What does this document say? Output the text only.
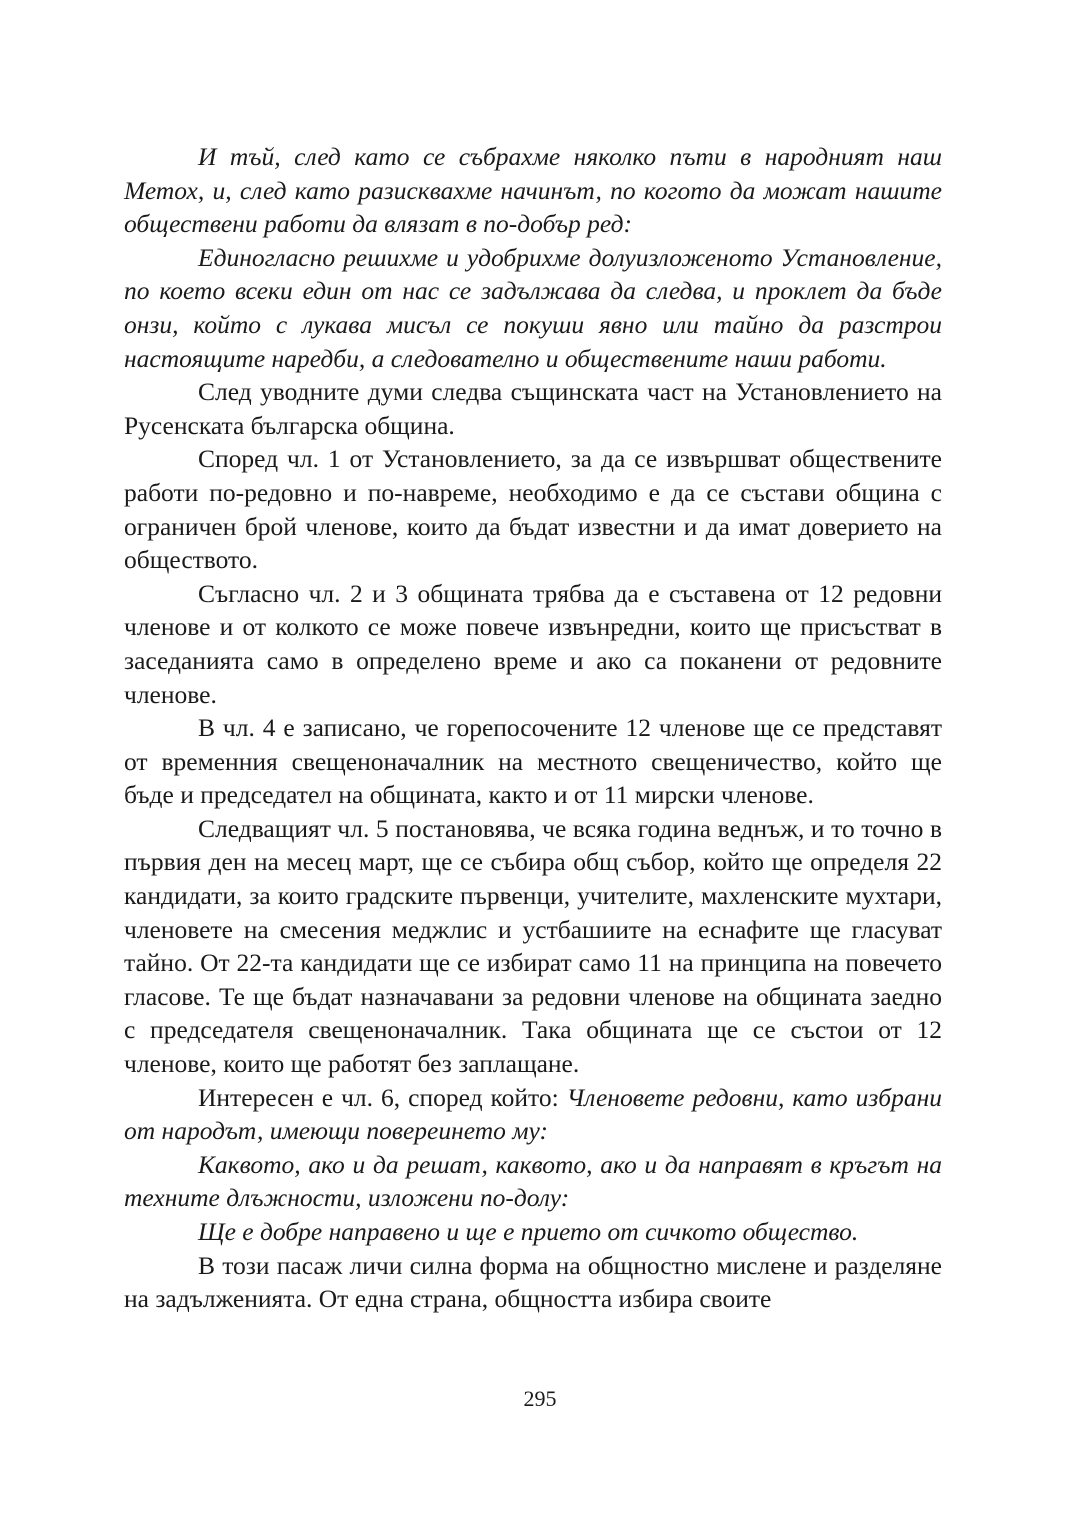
И тъй, след като се събрахме няколко пъти в народният наш Метох, и, след като разисквахме начинът, по когото да можат нашите обществени работи да влязат в по-добър ред:

Единогласно решихме и удобрихме долуизложеното Установление, по което всеки един от нас се задължава да следва, и проклет да бъде онзи, който с лукава мисъл се покуши явно или тайно да разстрои настоящите наредби, а следователно и обществените наши работи.

След уводните думи следва същинската част на Установлението на Русенската българска община.

Според чл. 1 от Установлението, за да се извършват обществените работи по-редовно и по-навреме, необходимо е да се състави община с ограничен брой членове, които да бъдат известни и да имат доверието на обществото.

Съгласно чл. 2 и 3 общината трябва да е съставена от 12 редовни членове и от колкото се може повече извънредни, които ще присъстват в заседанията само в определено време и ако са поканени от редовните членове.

В чл. 4 е записано, че горепосочените 12 членове ще се представят от временния свещеноначалник на местното свещеничество, който ще бъде и председател на общината, както и от 11 мирски членове.

Следващият чл. 5 постановява, че всяка година веднъж, и то точно в първия ден на месец март, ще се събира общ събор, който ще определя 22 кандидати, за които градските първенци, учителите, махленските мухтари, членовете на смесения меджлис и устбашиите на еснафите ще гласуват тайно. От 22-та кандидати ще се избират само 11 на принципа на повечето гласове. Те ще бъдат назначавани за редовни членове на общината заедно с председателя свещеноначалник. Така общината ще се състои от 12 членове, които ще работят без заплащане.

Интересен е чл. 6, според който: Членовете редовни, като избрани от народът, имеющи повереинето му:

Каквото, ако и да решат, каквото, ако и да направят в кръгът на техните длъжности, изложени по-долу:

Ще е добре направено и ще е прието от сичкото общество.

В този пасаж личи силна форма на общностно мислене и разделяне на задълженията. От една страна, общността избира своите

295
